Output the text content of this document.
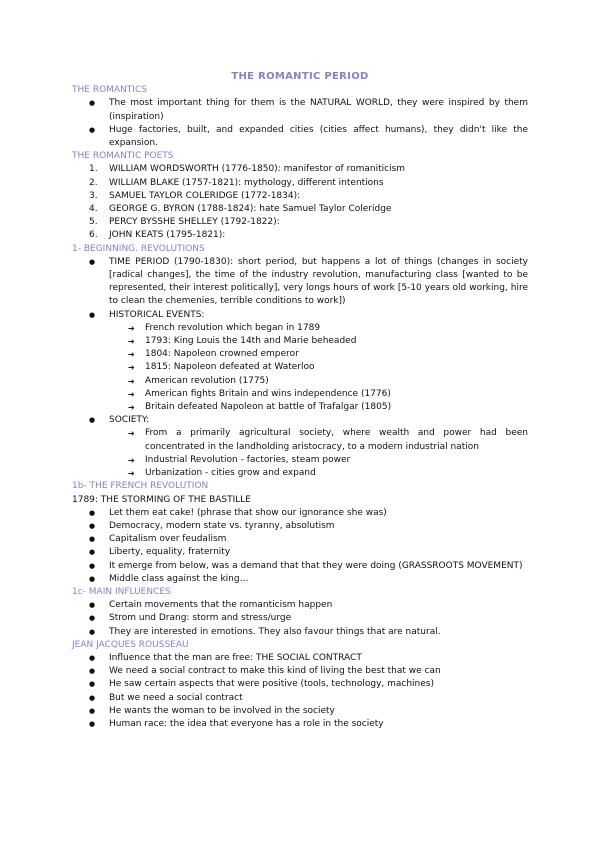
THE ROMANTIC PERIOD
THE ROMANTICS
● The most important thing for them is the NATURAL WORLD, they were inspired by them (inspiration)
● Huge factories, built, and expanded cities (cities affect humans), they didn't like the expansion.
THE ROMANTIC POETS
1. WILLIAM WORDSWORTH (1776-1850): manifestor of romaniticism
2. WILLIAM BLAKE (1757-1821): mythology, different intentions
3. SAMUEL TAYLOR COLERIDGE (1772-1834):
4. GEORGE G. BYRON (1788-1824): hate Samuel Taylor Coleridge
5. PERCY BYSSHE SHELLEY (1792-1822):
6. JOHN KEATS (1795-1821):
1- BEGINNING. REVOLUTIONS
● TIME PERIOD (1790-1830): short period, but happens a lot of things (changes in society [radical changes], the time of the industry revolution, manufacturing class [wanted to be represented, their interest politically], very longs hours of work [5-10 years old working, hire to clean the chemenies, terrible conditions to work])
● HISTORICAL EVENTS:
➔ French revolution which began in 1789
➔ 1793: King Louis the 14th and Marie beheaded
➔ 1804: Napoleon crowned emperor
➔ 1815: Napoleon defeated at Waterloo
➔ American revolution (1775)
➔ American fights Britain and wins independence (1776)
➔ Britain defeated Napoleon at battle of Trafalgar (1805)
● SOCIETY:
➔ From a primarily agricultural society, where wealth and power had been concentrated in the landholding aristocracy, to a modern industrial nation
➔ Industrial Revolution - factories, steam power
➔ Urbanization - cities grow and expand
1b- THE FRENCH REVOLUTION
1789: THE STORMING OF THE BASTILLE
● Let them eat cake! (phrase that show our ignorance she was)
● Democracy, modern state vs. tyranny, absolutism
● Capitalism over feudalism
● Liberty, equality, fraternity
● It emerge from below, was a demand that that they were doing (GRASSROOTS MOVEMENT)
● Middle class against the king…
1c- MAIN INFLUENCES
● Certain movements that the romanticism happen
● Strom und Drang: storm and stress/urge
● They are interested in emotions. They also favour things that are natural.
JEAN JACQUES ROUSSEAU
● Influence that the man are free: THE SOCIAL CONTRACT
● We need a social contract to make this kind of living the best that we can
● He saw certain aspects that were positive (tools, technology, machines)
● But we need a social contract
● He wants the woman to be involved in the society
● Human race: the idea that everyone has a role in the society
